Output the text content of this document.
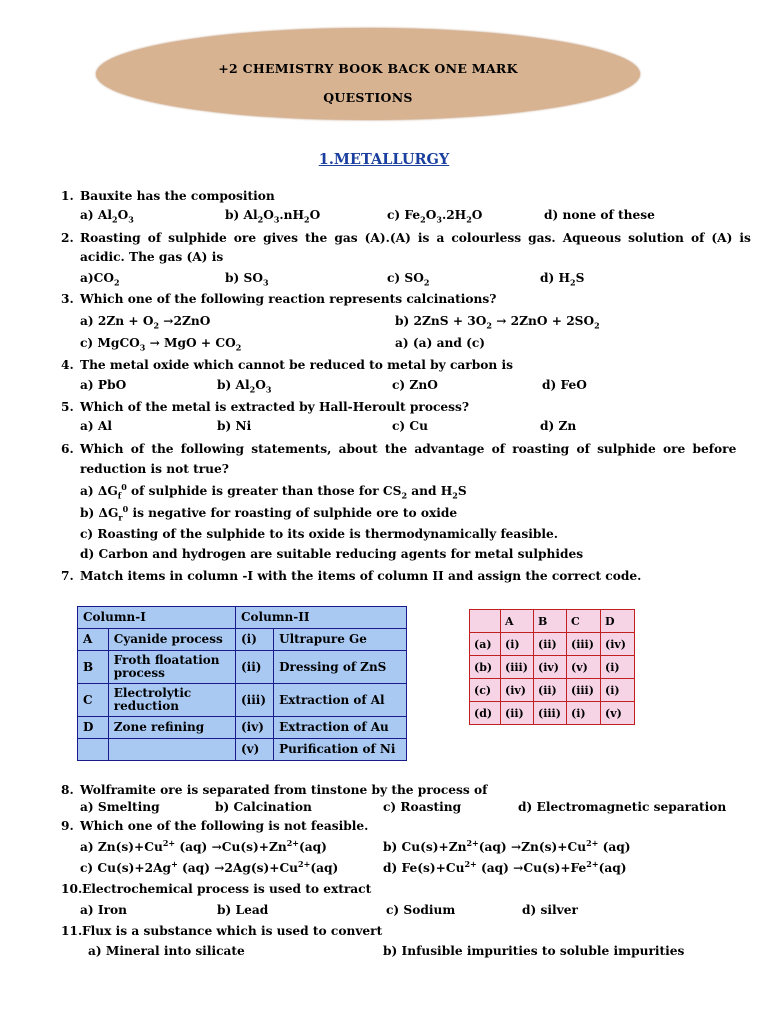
+2 CHEMISTRY BOOK BACK ONE MARK
QUESTIONS
1.METALLURGY
1. Bauxite has the composition
a) $Al_2O_3$	b) $Al_2O_3.nH_2O$	c) $Fe_2O_3.2H_2O$	d) none of these
2. Roasting of sulphide ore gives the gas (A).(A) is a colourless gas. Aqueous solution of (A) is
acidic. The gas (A) is
$a)CO_2$	b) $SO_3$	c) $SO_2$	d) $H_2S$
3. Which one of the following reaction represents calcinations?
a) $2Zn + O_2 \to 2ZnO$	b) $2ZnS + 3O_2 \to 2ZnO + 2SO_2$
c) MgCO$_3$ → MgO + $CO_2$	a) (a) and (c)
4. The metal oxide which cannot be reduced to metal by carbon is
a) PbO	b) $Al_2O_3$	c) ZnO	d) FeO
5. Which of the metal is extracted by Hall-Heroult process?
a) Al	b) Ni	c) Cu	d) Zn
6. Which of the following statements, about the advantage of roasting of sulphide ore before
reduction is not true?
a) $\Delta G_f^0$ of sulphide is greater than those for $CS_2$ and $H_2S$
b) $\Delta G_r^0$ is negative for roasting of sulphide ore to oxide
c) Roasting of the sulphide to its oxide is thermodynamically feasible.
d) Carbon and hydrogen are suitable reducing agents for metal sulphides
7. Match items in column -I with the items of column II and assign the correct code.
Column-I		Column-II	
A	Cyanide process	(i)	Ultrapure Ge
B	Froth floatation process	(ii)	Dressing of ZnS
C	Electrolytic reduction	(iii)	Extraction of Al
D	Zone refining	(iv)	Extraction of Au
		(v)	Purification of Ni
	A	B	C	D
(a)	(i)	(ii)	(iii)	(iv)
(b)	(iii)	(iv)	(v)	(i)
(c)	(iv)	(ii)	(iii)	(i)
(d)	(ii)	(iii)	(i)	(v)
8. Wolframite ore is separated from tinstone by the process of
a) Smelting	b) Calcination	c) Roasting	d) Electromagnetic separation
9. Which one of the following is not feasible.
a) $Zn(s)+Cu^{2+}$ $(aq) \to Cu(s)+Zn^{2+}(aq)$	b) $Cu(s)+Zn^{2+}(aq) \to Zn(s)+Cu^{2+}$ (aq)
c) Cu(s)+2Ag+ $(aq) \to 2Ag(s)+Cu^{2+}(aq)$	d) $Fe(s)+Cu^{2+}$ $(aq) \to Cu(s)+Fe^{2+}(aq)$
10. Electrochemical process is used to extract
a) Iron	b) Lead	c) Sodium	d) silver
11. Flux is a substance which is used to convert
a) Mineral into silicate	b) Infusible impurities to soluble impurities
